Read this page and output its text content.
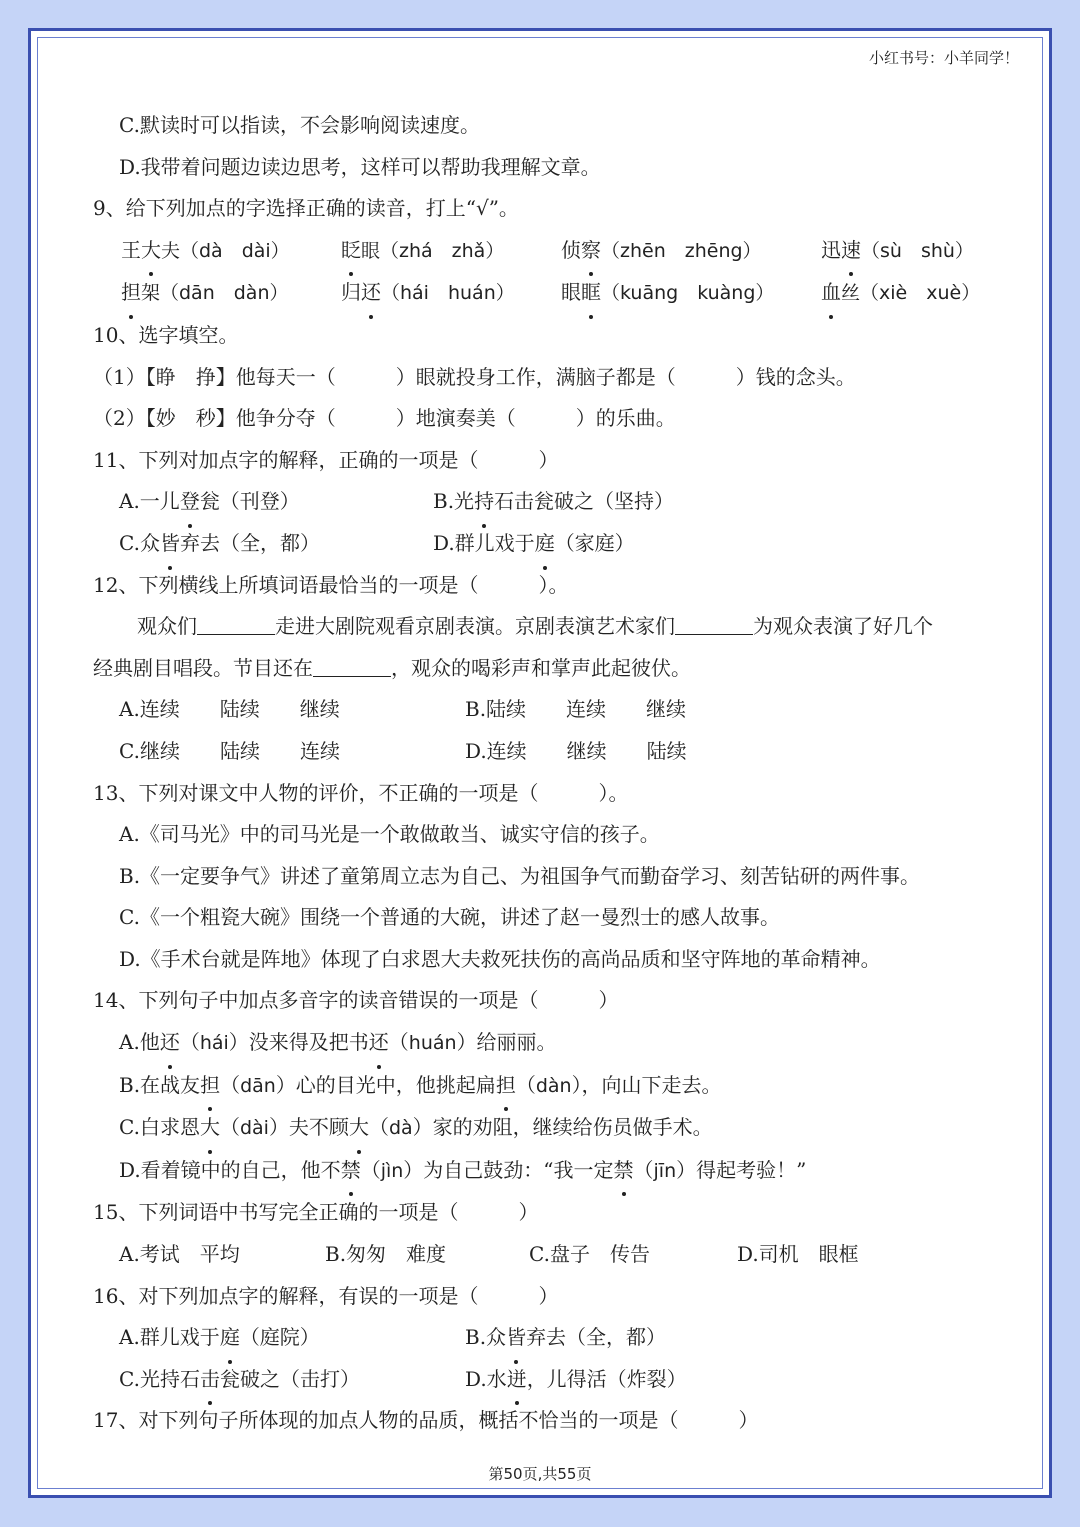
小红书号：小羊同学！
C.默读时可以指读，不会影响阅读速度。
D.我带着问题边读边思考，这样可以帮助我理解文章。
9、给下列加点的字选择正确的读音，打上“√”。
王大夫（dà　dài）	眨眼（zhá　zhǎ）	侦察（zhēn　zhēng）	迅速（sù　shù）
担架（dān　dàn）	归还（hái　huán）	眼眶（kuāng　kuàng）	血丝（xiè　xuè）
10、选字填空。
（1）【睁　挣】他每天一（　　　）眼就投身工作，满脑子都是（　　　）钱的念头。
（2）【妙　秒】他争分夺（　　　）地演奏美（　　　）的乐曲。
11、下列对加点字的解释，正确的一项是（　　　）
A.一儿登瓮（刊登）	B.光持石击瓮破之（坚持）
C.众皆弃去（全，都）	D.群儿戏于庭（家庭）
12、下列横线上所填词语最恰当的一项是（　　　）。
观众们	走进大剧院观看京剧表演。京剧表演艺术家们	为观众表演了好几个
经典剧目唱段。节目还在	，观众的喝彩声和掌声此起彼伏。
A.连续　　陆续　　继续	B.陆续　　连续　　继续
C.继续　　陆续　　连续	D.连续　　继续　　陆续
13、下列对课文中人物的评价，不正确的一项是（　　　）。
A.《司马光》中的司马光是一个敢做敢当、诚实守信的孩子。
B.《一定要争气》讲述了童第周立志为自己、为祖国争气而勤奋学习、刻苦钻研的两件事。
C.《一个粗瓷大碗》围绕一个普通的大碗，讲述了赵一曼烈士的感人故事。
D.《手术台就是阵地》体现了白求恩大夫救死扶伤的高尚品质和坚守阵地的革命精神。
14、下列句子中加点多音字的读音错误的一项是（　　　）
A.他还（hái）没来得及把书还（huán）给丽丽。
B.在战友担（dān）心的目光中，他挑起扁担（dàn），向山下走去。
C.白求恩大（dài）夫不顾大（dà）家的劝阻，继续给伤员做手术。
D.看着镜中的自己，他不禁（jìn）为自己鼓劲：“我一定禁（jīn）得起考验！”
15、下列词语中书写完全正确的一项是（　　　）
A.考试　平均	B.匆匆　难度	C.盘子　传告	D.司机　眼框
16、对下列加点字的解释，有误的一项是（　　　）
A.群儿戏于庭（庭院）	B.众皆弃去（全，都）
C.光持石击瓮破之（击打）	D.水迸，儿得活（炸裂）
17、对下列句子所体现的加点人物的品质，概括不恰当的一项是（　　　）
第50页,共55页
